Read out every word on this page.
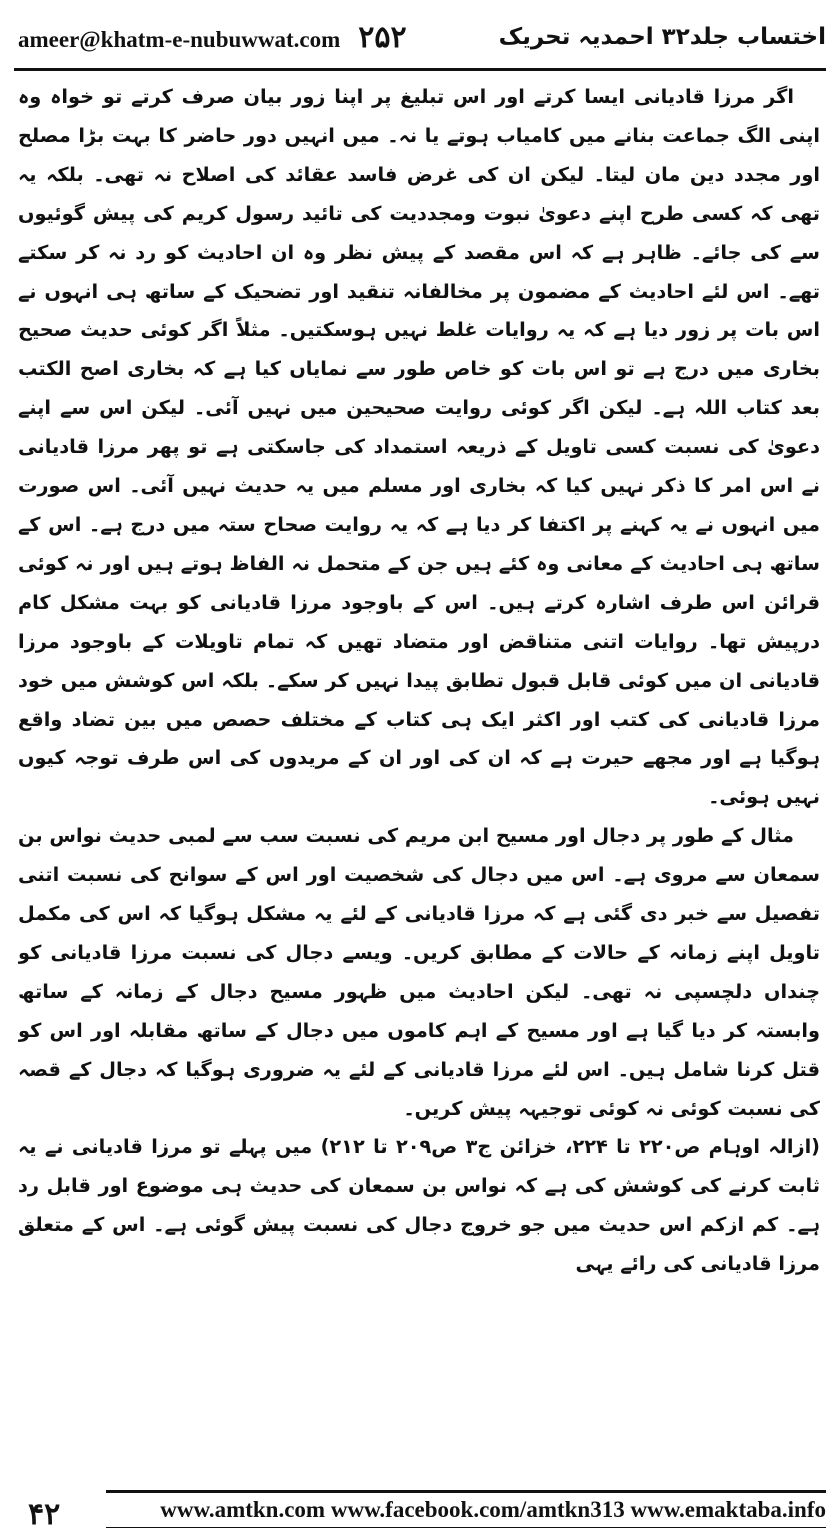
ameer@khatm-e-nubuwwat.com ۲۵۲	اختساب جلد۳۲ احمدیہ تحریک

اگر مرزا قادیانی ایسا کرتے اور اس تبلیغ پر اپنا زور بیان صرف کرتے تو خواہ وہ اپنی الگ جماعت بنانے میں کامیاب ہوتے یا نہ۔ میں انہیں دور حاضر کا بہت بڑا مصلح اور مجدد دین مان لیتا۔ لیکن ان کی غرض فاسد عقائد کی اصلاح نہ تھی۔ بلکہ یہ تھی کہ کسی طرح اپنے دعویٰ نبوت ومجددیت کی تائید رسول کریم کی پیش گوئیوں سے کی جائے۔ ظاہر ہے کہ اس مقصد کے پیش نظر وہ ان احادیث کو رد نہ کر سکتے تھے۔ اس لئے احادیث کے مضمون پر مخالفانہ تنقید اور تضحیک کے ساتھ ہی انہوں نے اس بات پر زور دیا ہے کہ یہ روایات غلط نہیں ہوسکتیں۔ مثلاً اگر کوئی حدیث صحیح بخاری میں درج ہے تو اس بات کو خاص طور سے نمایاں کیا ہے کہ بخاری اصح الکتب بعد کتاب اللہ ہے۔ لیکن اگر کوئی روایت صحیحین میں نہیں آئی۔ لیکن اس سے اپنے دعویٰ کی نسبت کسی تاویل کے ذریعہ استمداد کی جاسکتی ہے تو پھر مرزا قادیانی نے اس امر کا ذکر نہیں کیا کہ بخاری اور مسلم میں یہ حدیث نہیں آئی۔ اس صورت میں انہوں نے یہ کہنے پر اکتفا کر دیا ہے کہ یہ روایت صحاح ستہ میں درج ہے۔ اس کے ساتھ ہی احادیث کے معانی وہ کئے ہیں جن کے متحمل نہ الفاظ ہوتے ہیں اور نہ کوئی قرائن اس طرف اشارہ کرتے ہیں۔ اس کے باوجود مرزا قادیانی کو بہت مشکل کام درپیش تھا۔ روایات اتنی متناقض اور متضاد تھیں کہ تمام تاویلات کے باوجود مرزا قادیانی ان میں کوئی قابل قبول تطابق پیدا نہیں کر سکے۔ بلکہ اس کوشش میں خود مرزا قادیانی کی کتب اور اکثر ایک ہی کتاب کے مختلف حصص میں بین تضاد واقع ہوگیا ہے اور مجھے حیرت ہے کہ ان کی اور ان کے مریدوں کی اس طرف توجہ کیوں نہیں ہوئی۔

مثال کے طور پر دجال اور مسیح ابن مریم کی نسبت سب سے لمبی حدیث نواس بن سمعان سے مروی ہے۔ اس میں دجال کی شخصیت اور اس کے سوانح کی نسبت اتنی تفصیل سے خبر دی گئی ہے کہ مرزا قادیانی کے لئے یہ مشکل ہوگیا کہ اس کی مکمل تاویل اپنے زمانہ کے حالات کے مطابق کریں۔ ویسے دجال کی نسبت مرزا قادیانی کو چنداں دلچسپی نہ تھی۔ لیکن احادیث میں ظہور مسیح دجال کے زمانہ کے ساتھ وابستہ کر دیا گیا ہے اور مسیح کے اہم کاموں میں دجال کے ساتھ مقابلہ اور اس کو قتل کرنا شامل ہیں۔ اس لئے مرزا قادیانی کے لئے یہ ضروری ہوگیا کہ دجال کے قصہ کی نسبت کوئی نہ کوئی توجیہہ پیش کریں۔

(ازالہ اوہام ص۲۲۰ تا ۲۲۴، خزائن ج۳ ص۲۰۹ تا ۲۱۲) میں پہلے تو مرزا قادیانی نے یہ ثابت کرنے کی کوشش کی ہے کہ نواس بن سمعان کی حدیث ہی موضوع اور قابل رد ہے۔ کم ازکم اس حدیث میں جو خروج دجال کی نسبت پیش گوئی ہے۔ اس کے متعلق مرزا قادیانی کی رائے یہی

۴۲	www.amtkn.com www.facebook.com/amtkn313 www.emaktaba.info
